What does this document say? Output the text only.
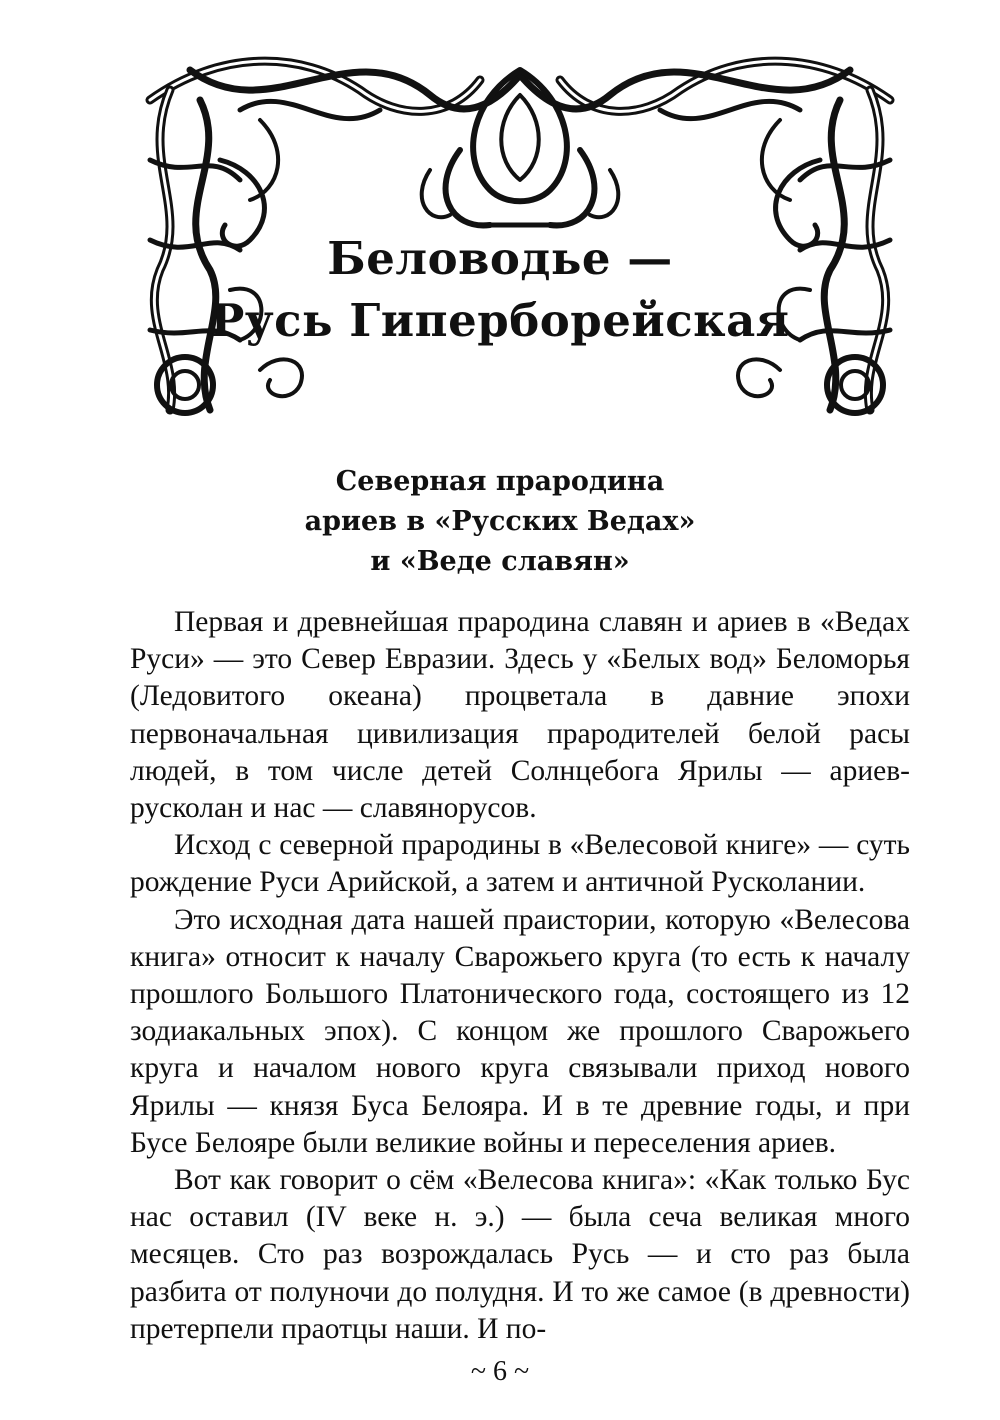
Беловодье —
Русь Гиперборейская
Северная прародина
ариев в «Русских Ведах»
и «Веде славян»

Первая и древнейшая прародина славян и ариев в «Ведах Руси» — это Север Евразии. Здесь у «Белых вод» Беломорья (Ледовитого океана) процветала в давние эпохи первоначальная цивилизация прародителей белой расы людей, в том числе детей Солнцебога Ярилы — ариев-русколан и нас — славянорусов.

Исход с северной прародины в «Велесовой книге» — суть рождение Руси Арийской, а затем и античной Русколании.

Это исходная дата нашей праистории, которую «Велесова книга» относит к началу Сварожьего круга (то есть к началу прошлого Большого Платонического года, состоящего из 12 зодиакальных эпох). С концом же прошлого Сварожьего круга и началом нового круга связывали приход нового Ярилы — князя Буса Белояра. И в те древние годы, и при Бусе Белояре были великие войны и переселения ариев.

Вот как говорит о сём «Велесова книга»: «Как только Бус нас оставил (IV веке н. э.) — была сеча великая много месяцев. Сто раз возрождалась Русь — и сто раз была разбита от полуночи до полудня. И то же самое (в древности) претерпели праотцы наши. И по-

~ 6 ~
